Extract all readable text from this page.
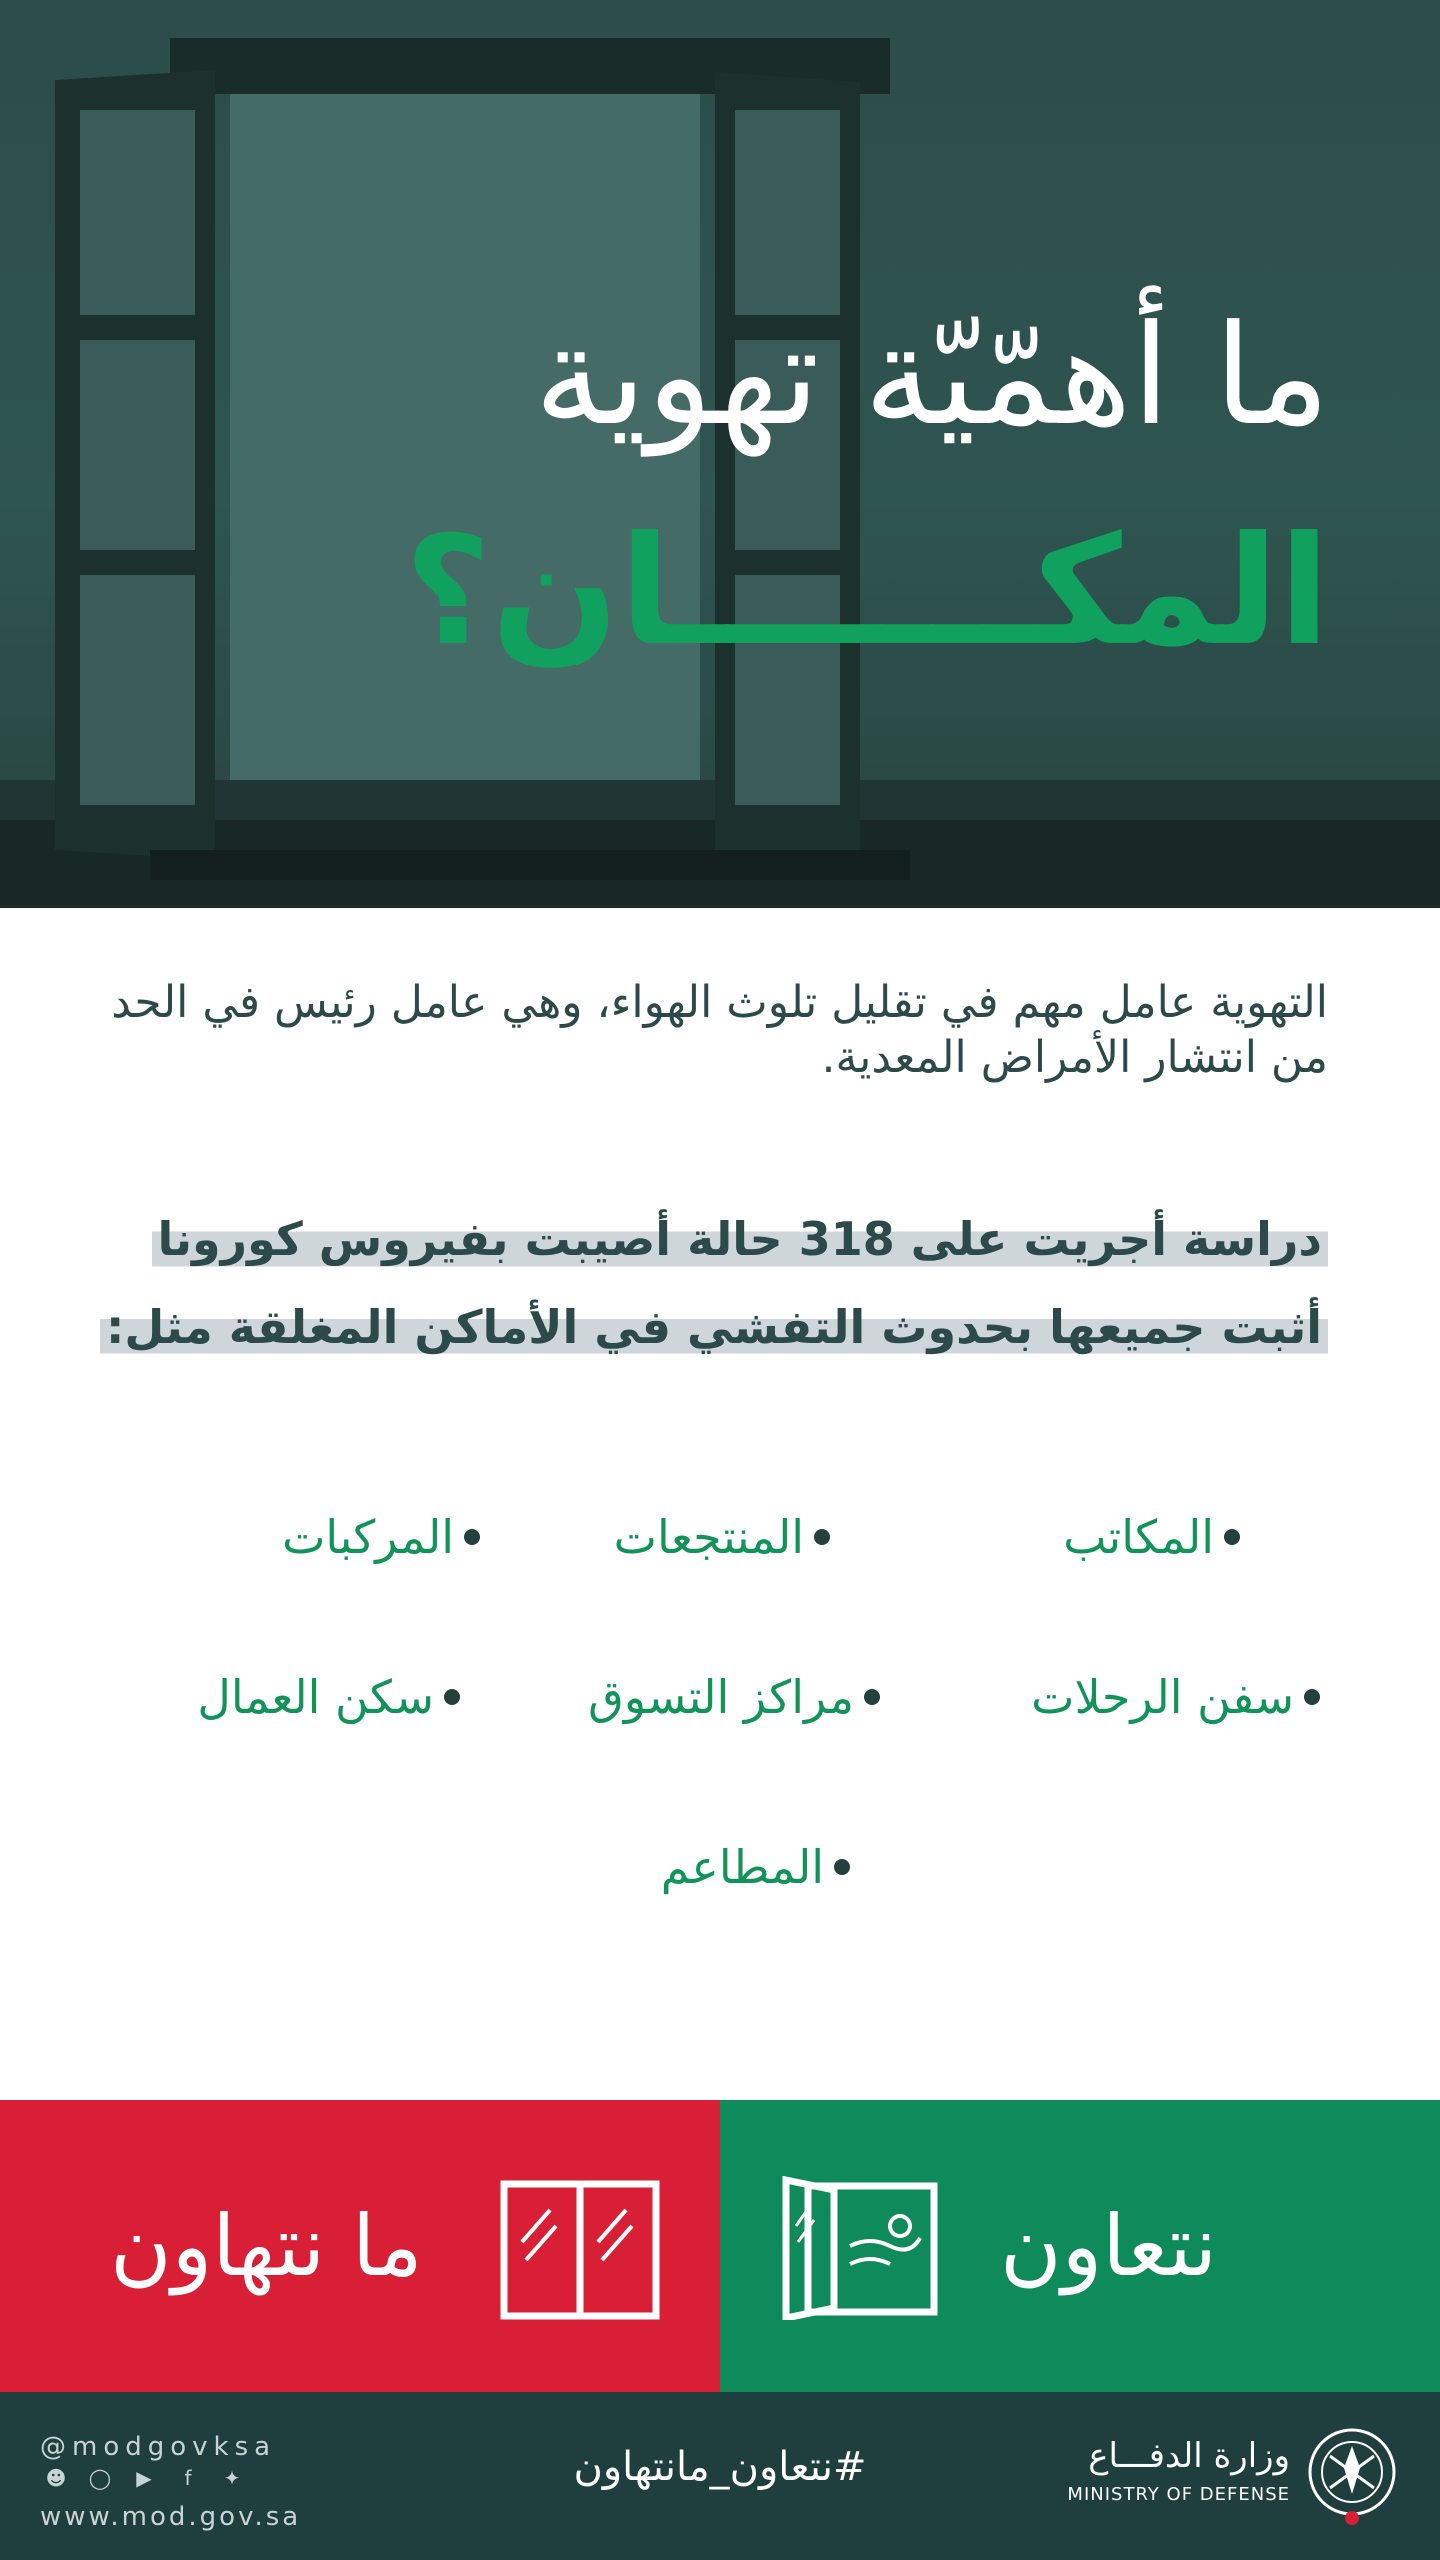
ما أهمّيّة تهوية
المكـــــــان؟
التهوية عامل مهم في تقليل تلوث الهواء، وهي عامل رئيس في الحد من انتشار الأمراض المعدية.
دراسة أجريت على 318 حالة أصيبت بفيروس كورونا
أثبت جميعها بحدوث التفشي في الأماكن المغلقة مثل:
المكاتب
المنتجعات
المركبات
سفن الرحلات
مراكز التسوق
سكن العمال
المطاعم
ما نتهاون	نتعاون
@modgovksa
☻ ◯	▶	f	✦
www.mod.gov.sa
#نتعاون_مانتهاون	وزارة الدفـــاع
MINISTRY OF DEFENSE
